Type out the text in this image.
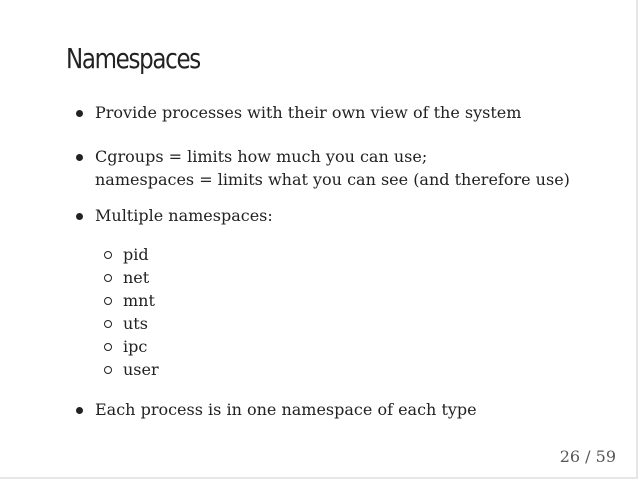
Namespaces
Provide processes with their own view of the system
Cgroups = limits how much you can use;
namespaces = limits what you can see (and therefore use)
Multiple namespaces:
pid
net
mnt
uts
ipc
user
Each process is in one namespace of each type
26 / 59
